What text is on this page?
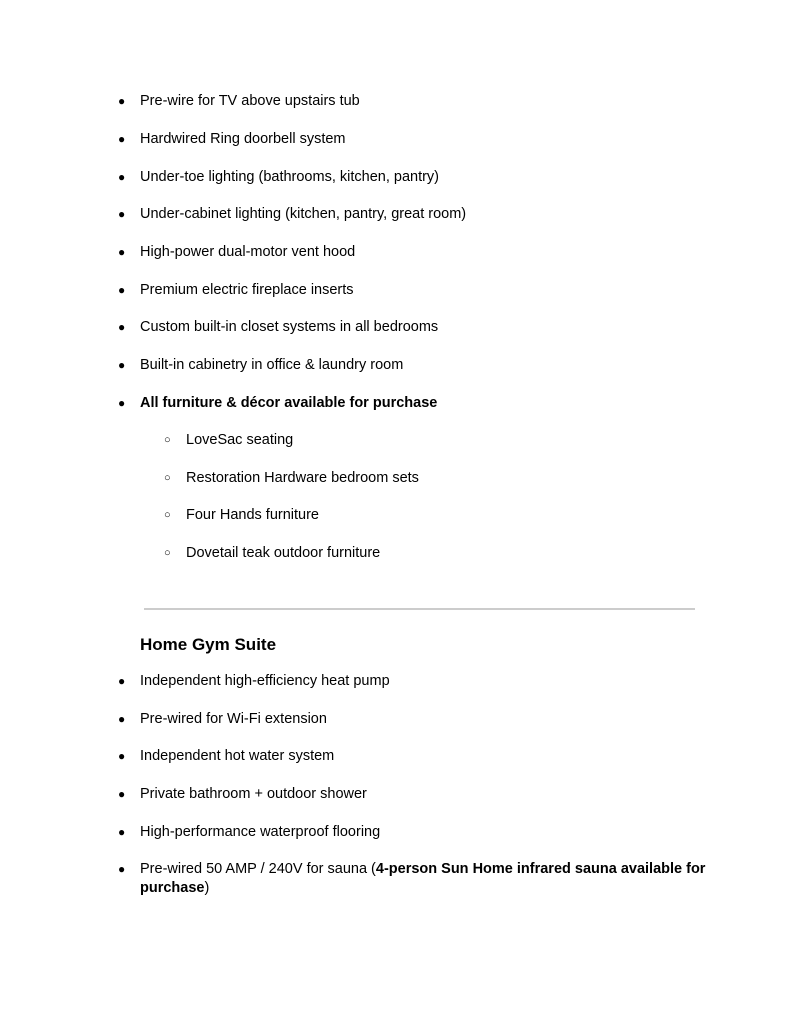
● Pre-wire for TV above upstairs tub
● Hardwired Ring doorbell system
● Under-toe lighting (bathrooms, kitchen, pantry)
● Under-cabinet lighting (kitchen, pantry, great room)
● High-power dual-motor vent hood
● Premium electric fireplace inserts
● Custom built-in closet systems in all bedrooms
● Built-in cabinetry in office & laundry room
● All furniture & décor available for purchase
○ LoveSac seating
○ Restoration Hardware bedroom sets
○ Four Hands furniture
○ Dovetail teak outdoor furniture
Home Gym Suite
● Independent high-efficiency heat pump
● Pre-wired for Wi-Fi extension
● Independent hot water system
● Private bathroom + outdoor shower
● High-performance waterproof flooring
● Pre-wired 50 AMP / 240V for sauna (4-person Sun Home infrared sauna available for purchase)
